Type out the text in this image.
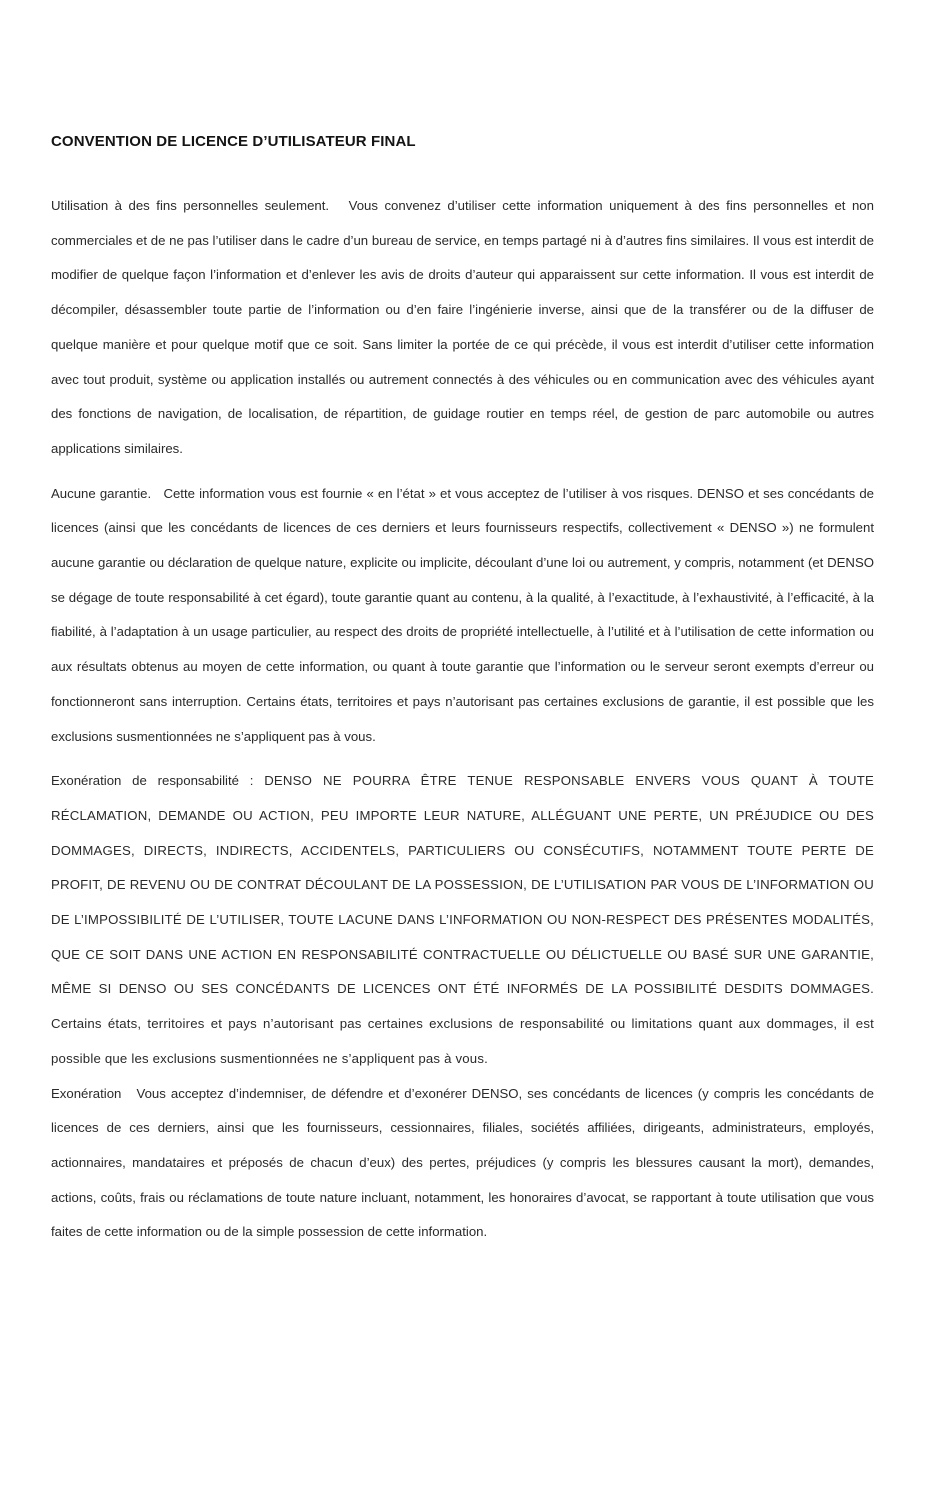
CONVENTION DE LICENCE D’UTILISATEUR FINAL

Utilisation à des fins personnelles seulement. Vous convenez d’utiliser cette information uniquement à des fins personnelles et non commerciales et de ne pas l’utiliser dans le cadre d’un bureau de service, en temps partagé ni à d’autres fins similaires. Il vous est interdit de modifier de quelque façon l’information et d’enlever les avis de droits d’auteur qui apparaissent sur cette information. Il vous est interdit de décompiler, désassembler toute partie de l’information ou d’en faire l’ingénierie inverse, ainsi que de la transférer ou de la diffuser de quelque manière et pour quelque motif que ce soit. Sans limiter la portée de ce qui précède, il vous est interdit d’utiliser cette information avec tout produit, système ou application installés ou autrement connectés à des véhicules ou en communication avec des véhicules ayant des fonctions de navigation, de localisation, de répartition, de guidage routier en temps réel, de gestion de parc automobile ou autres applications similaires.

Aucune garantie. Cette information vous est fournie « en l’état » et vous acceptez de l’utiliser à vos risques. DENSO et ses concédants de licences (ainsi que les concédants de licences de ces derniers et leurs fournisseurs respectifs, collectivement « DENSO ») ne formulent aucune garantie ou déclaration de quelque nature, explicite ou implicite, découlant d’une loi ou autrement, y compris, notamment (et DENSO se dégage de toute responsabilité à cet égard), toute garantie quant au contenu, à la qualité, à l’exactitude, à l’exhaustivité, à l’efficacité, à la fiabilité, à l’adaptation à un usage particulier, au respect des droits de propriété intellectuelle, à l’utilité et à l’utilisation de cette information ou aux résultats obtenus au moyen de cette information, ou quant à toute garantie que l’information ou le serveur seront exempts d’erreur ou fonctionneront sans interruption. Certains états, territoires et pays n’autorisant pas certaines exclusions de garantie, il est possible que les exclusions susmentionnées ne s’appliquent pas à vous.

Exonération de responsabilité : DENSO NE POURRA ÊTRE TENUE RESPONSABLE ENVERS VOUS QUANT À TOUTE RÉCLAMATION, DEMANDE OU ACTION, PEU IMPORTE LEUR NATURE, ALLÉGUANT UNE PERTE, UN PRÉJUDICE OU DES DOMMAGES, DIRECTS, INDIRECTS, ACCIDENTELS, PARTICULIERS OU CONSÉCUTIFS, NOTAMMENT TOUTE PERTE DE PROFIT, DE REVENU OU DE CONTRAT DÉCOULANT DE LA POSSESSION, DE L’UTILISATION PAR VOUS DE L’INFORMATION OU DE L’IMPOSSIBILITÉ DE L’UTILISER, TOUTE LACUNE DANS L’INFORMATION OU NON-RESPECT DES PRÉSENTES MODALITÉS, QUE CE SOIT DANS UNE ACTION EN RESPONSABILITÉ CONTRACTUELLE OU DÉLICTUELLE OU BASÉ SUR UNE GARANTIE, MÊME SI DENSO OU SES CONCÉDANTS DE LICENCES ONT ÉTÉ INFORMÉS DE LA POSSIBILITÉ DESDITS DOMMAGES. Certains états, territoires et pays n’autorisant pas certaines exclusions de responsabilité ou limitations quant aux dommages, il est possible que les exclusions susmentionnées ne s’appliquent pas à vous.

Exonération Vous acceptez d’indemniser, de défendre et d’exonérer DENSO, ses concédants de licences (y compris les concédants de licences de ces derniers, ainsi que les fournisseurs, cessionnaires, filiales, sociétés affiliées, dirigeants, administrateurs, employés, actionnaires, mandataires et préposés de chacun d’eux) des pertes, préjudices (y compris les blessures causant la mort), demandes, actions, coûts, frais ou réclamations de toute nature incluant, notamment, les honoraires d’avocat, se rapportant à toute utilisation que vous faites de cette information ou de la simple possession de cette information.
